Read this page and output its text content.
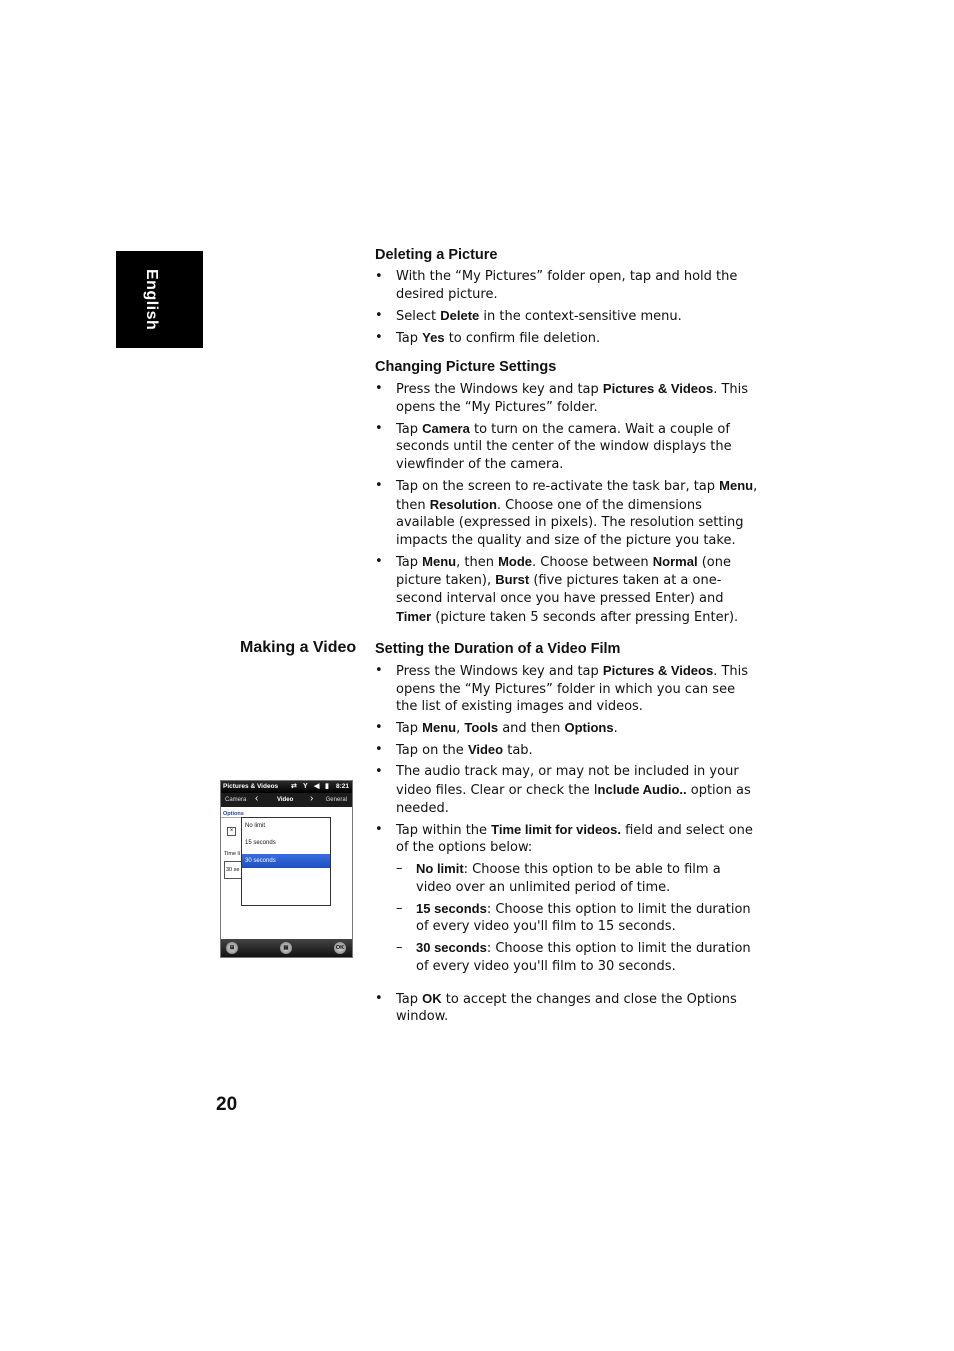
English
Deleting a Picture
• With the “My Pictures” folder open, tap and hold the desired picture.
• Select Delete in the context-sensitive menu.
• Tap Yes to confirm file deletion.
Changing Picture Settings
• Press the Windows key and tap Pictures & Videos. This opens the “My Pictures” folder.
• Tap Camera to turn on the camera. Wait a couple of seconds until the center of the window displays the viewfinder of the camera.
• Tap on the screen to re-activate the task bar, tap Menu, then Resolution. Choose one of the dimensions available (expressed in pixels). The resolution setting impacts the quality and size of the picture you take.
• Tap Menu, then Mode. Choose between Normal (one picture taken), Burst (five pictures taken at a one-second interval once you have pressed Enter) and Timer (picture taken 5 seconds after pressing Enter).
Making a Video Setting the Duration of a Video Film
• Press the Windows key and tap Pictures & Videos. This opens the “My Pictures” folder in which you can see the list of existing images and videos.
• Tap Menu, Tools and then Options.
• Tap on the Video tab.
• The audio track may, or may not be included in your video files. Clear or check the Include Audio.. option as needed.
• Tap within the Time limit for videos. field and select one of the options below:
– No limit: Choose this option to be able to film a video over an unlimited period of time.
– 15 seconds: Choose this option to limit the duration of every video you'll film to 15 seconds.
– 30 seconds: Choose this option to limit the duration of every video you'll film to 30 seconds.
• Tap OK to accept the changes and close the Options window.
Pictures & Videos ⇄ Y ◀ ▮ 8:21
Camera ‹	Video › General
Options
×
Time li
30 se
No limit
15 seconds
30 seconds
⊞	▤	OK
20
